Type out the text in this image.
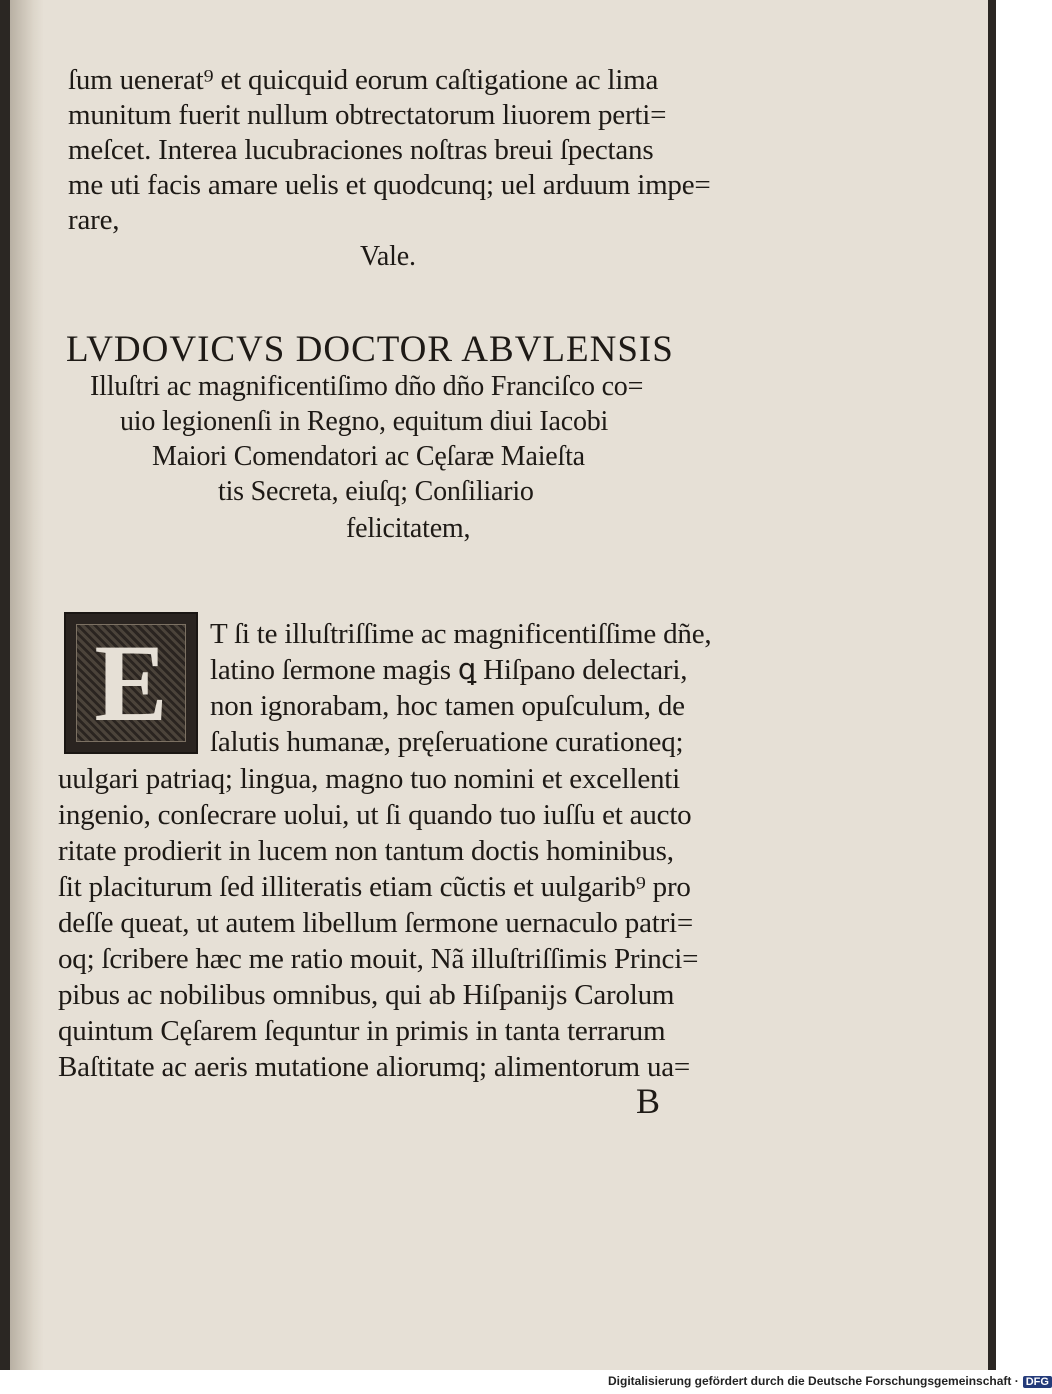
ſum uenerat⁹ et quicquid eorum caſtigatione ac lima
munitum fuerit nullum obtrectatorum liuorem perti=
meſcet. Interea lucubraciones noſtras breui ſpectans
me uti facis amare uelis et quodcunq; uel arduum impe=
rare,
Vale.
LVDOVICVS DOCTOR ABVLENSIS
Illuſtri ac magnificentiſimo dño dño Franciſco co=
uio legionenſi in Regno, equitum diui Iacobi
Maiori Comendatori ac Cęſaræ Maieſta
tis Secreta, eiuſq; Conſiliario
felicitatem,
E	T ſi te illuſtriſſime ac magnificentiſſime dñe,
latino ſermone magis ꝗ Hiſpano delectari,
non ignorabam, hoc tamen opuſculum, de
ſalutis humanæ, pręſeruatione curationeq;
uulgari patriaq; lingua, magno tuo nomini et excellenti
ingenio, conſecrare uolui, ut ſi quando tuo iuſſu et aucto
ritate prodierit in lucem non tantum doctis hominibus,
ſit placiturum ſed illiteratis etiam cũctis et uulgarib⁹ pro
deſſe queat, ut autem libellum ſermone uernaculo patri=
oq; ſcribere hæc me ratio mouit, Nã illuſtriſſimis Princi=
pibus ac nobilibus omnibus, qui ab Hiſpanijs Carolum
quintum Cęſarem ſequntur in primis in tanta terrarum
Baſtitate ac aeris mutatione aliorumq; alimentorum ua=
B
Digitalisierung gefördert durch die Deutsche Forschungsgemeinschaft · DFG
